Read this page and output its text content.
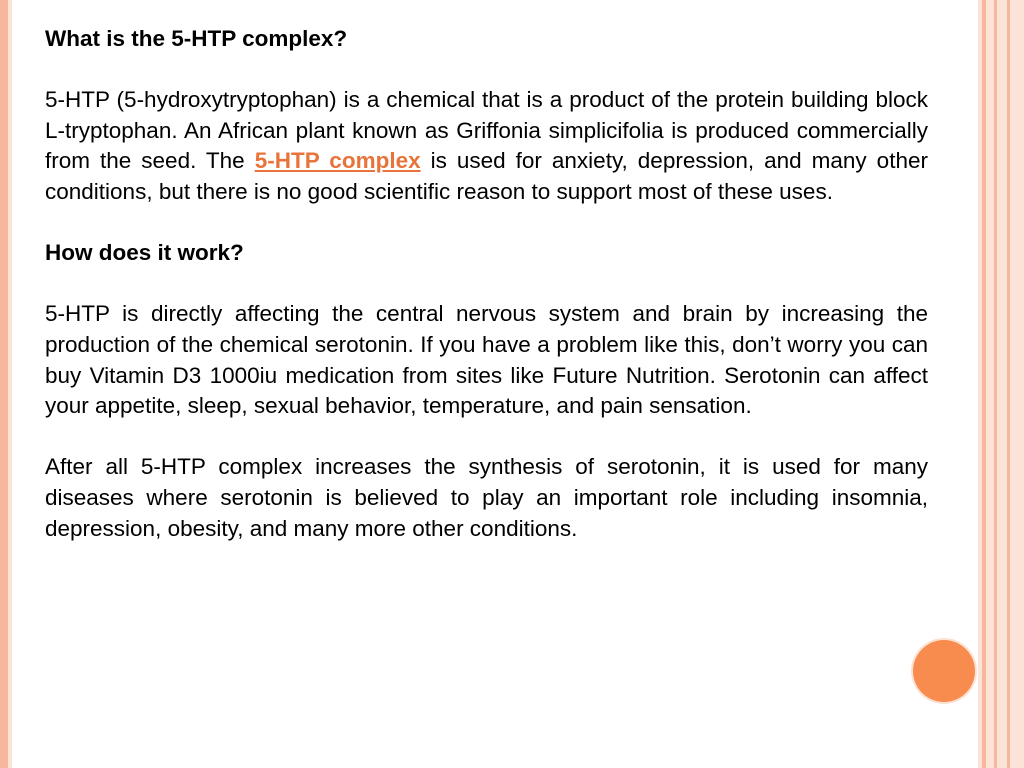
What is the 5-HTP complex?

5-HTP (5-hydroxytryptophan) is a chemical that is a product of the protein building block L-tryptophan. An African plant known as Griffonia simplicifolia is produced commercially from the seed. The 5-HTP complex is used for anxiety, depression, and many other conditions, but there is no good scientific reason to support most of these uses.

How does it work?

5-HTP is directly affecting the central nervous system and brain by increasing the production of the chemical serotonin. If you have a problem like this, don’t worry you can buy Vitamin D3 1000iu medication from sites like Future Nutrition. Serotonin can affect your appetite, sleep, sexual behavior, temperature, and pain sensation.

After all 5-HTP complex increases the synthesis of serotonin, it is used for many diseases where serotonin is believed to play an important role including insomnia, depression, obesity, and many more other conditions.
